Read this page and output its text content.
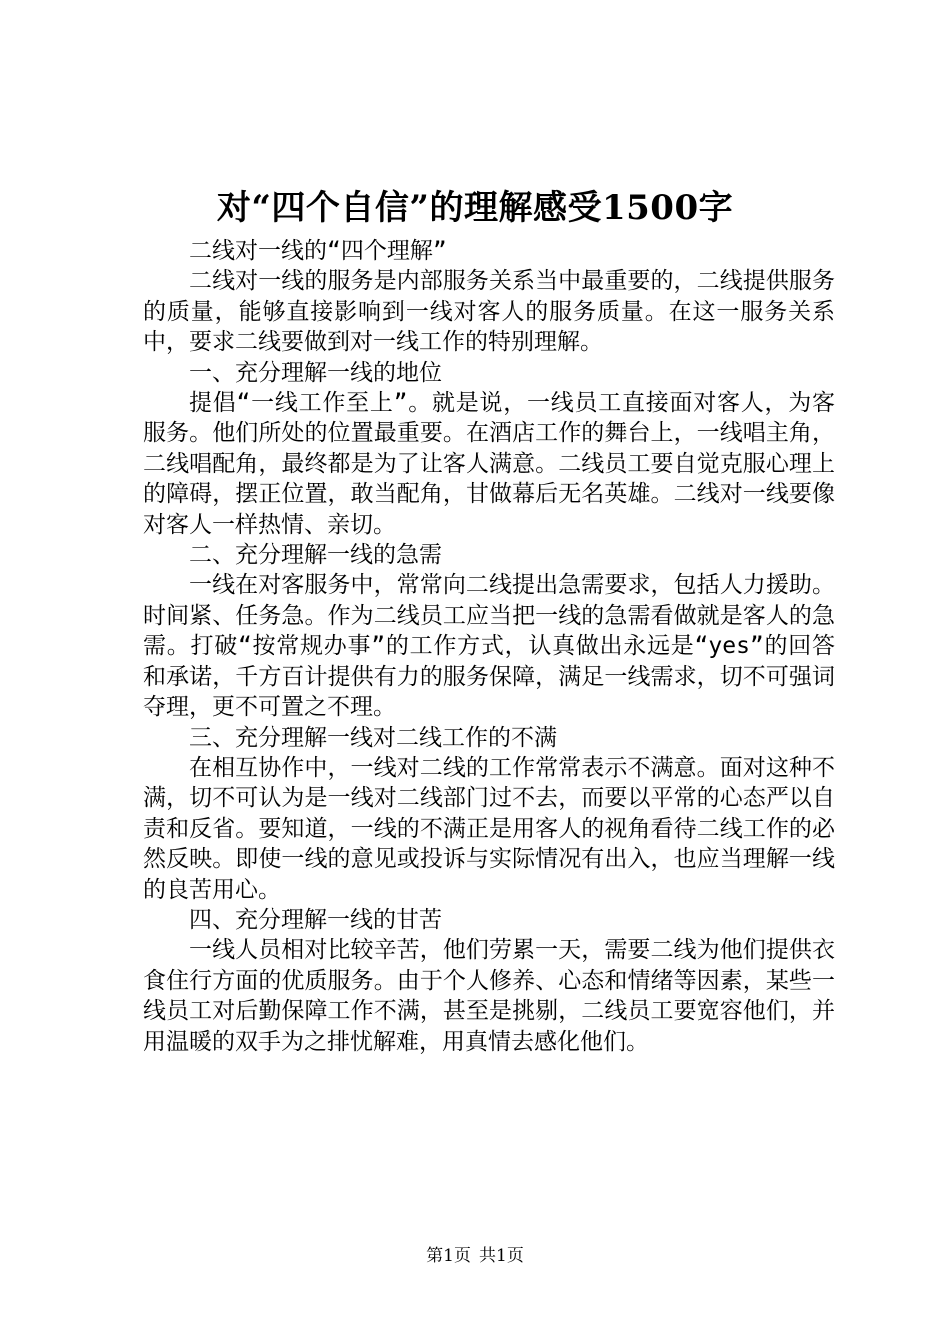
对“四个自信”的理解感受1500字

二线对一线的“四个理解”

二线对一线的服务是内部服务关系当中最重要的，二线提供服务的质量，能够直接影响到一线对客人的服务质量。在这一服务关系中，要求二线要做到对一线工作的特别理解。

一、充分理解一线的地位

提倡“一线工作至上”。就是说，一线员工直接面对客人，为客服务。他们所处的位置最重要。在酒店工作的舞台上，一线唱主角，二线唱配角，最终都是为了让客人满意。二线员工要自觉克服心理上的障碍，摆正位置，敢当配角，甘做幕后无名英雄。二线对一线要像对客人一样热情、亲切。

二、充分理解一线的急需

一线在对客服务中，常常向二线提出急需要求，包括人力援助。时间紧、任务急。作为二线员工应当把一线的急需看做就是客人的急需。打破“按常规办事”的工作方式，认真做出永远是“yes”的回答和承诺，千方百计提供有力的服务保障，满足一线需求，切不可强词夺理，更不可置之不理。

三、充分理解一线对二线工作的不满

在相互协作中，一线对二线的工作常常表示不满意。面对这种不满，切不可认为是一线对二线部门过不去，而要以平常的心态严以自责和反省。要知道，一线的不满正是用客人的视角看待二线工作的必然反映。即使一线的意见或投诉与实际情况有出入，也应当理解一线的良苦用心。

四、充分理解一线的甘苦

一线人员相对比较辛苦，他们劳累一天，需要二线为他们提供衣食住行方面的优质服务。由于个人修养、心态和情绪等因素，某些一线员工对后勤保障工作不满，甚至是挑剔，二线员工要宽容他们，并用温暖的双手为之排忧解难，用真情去感化他们。

第1页 共1页
